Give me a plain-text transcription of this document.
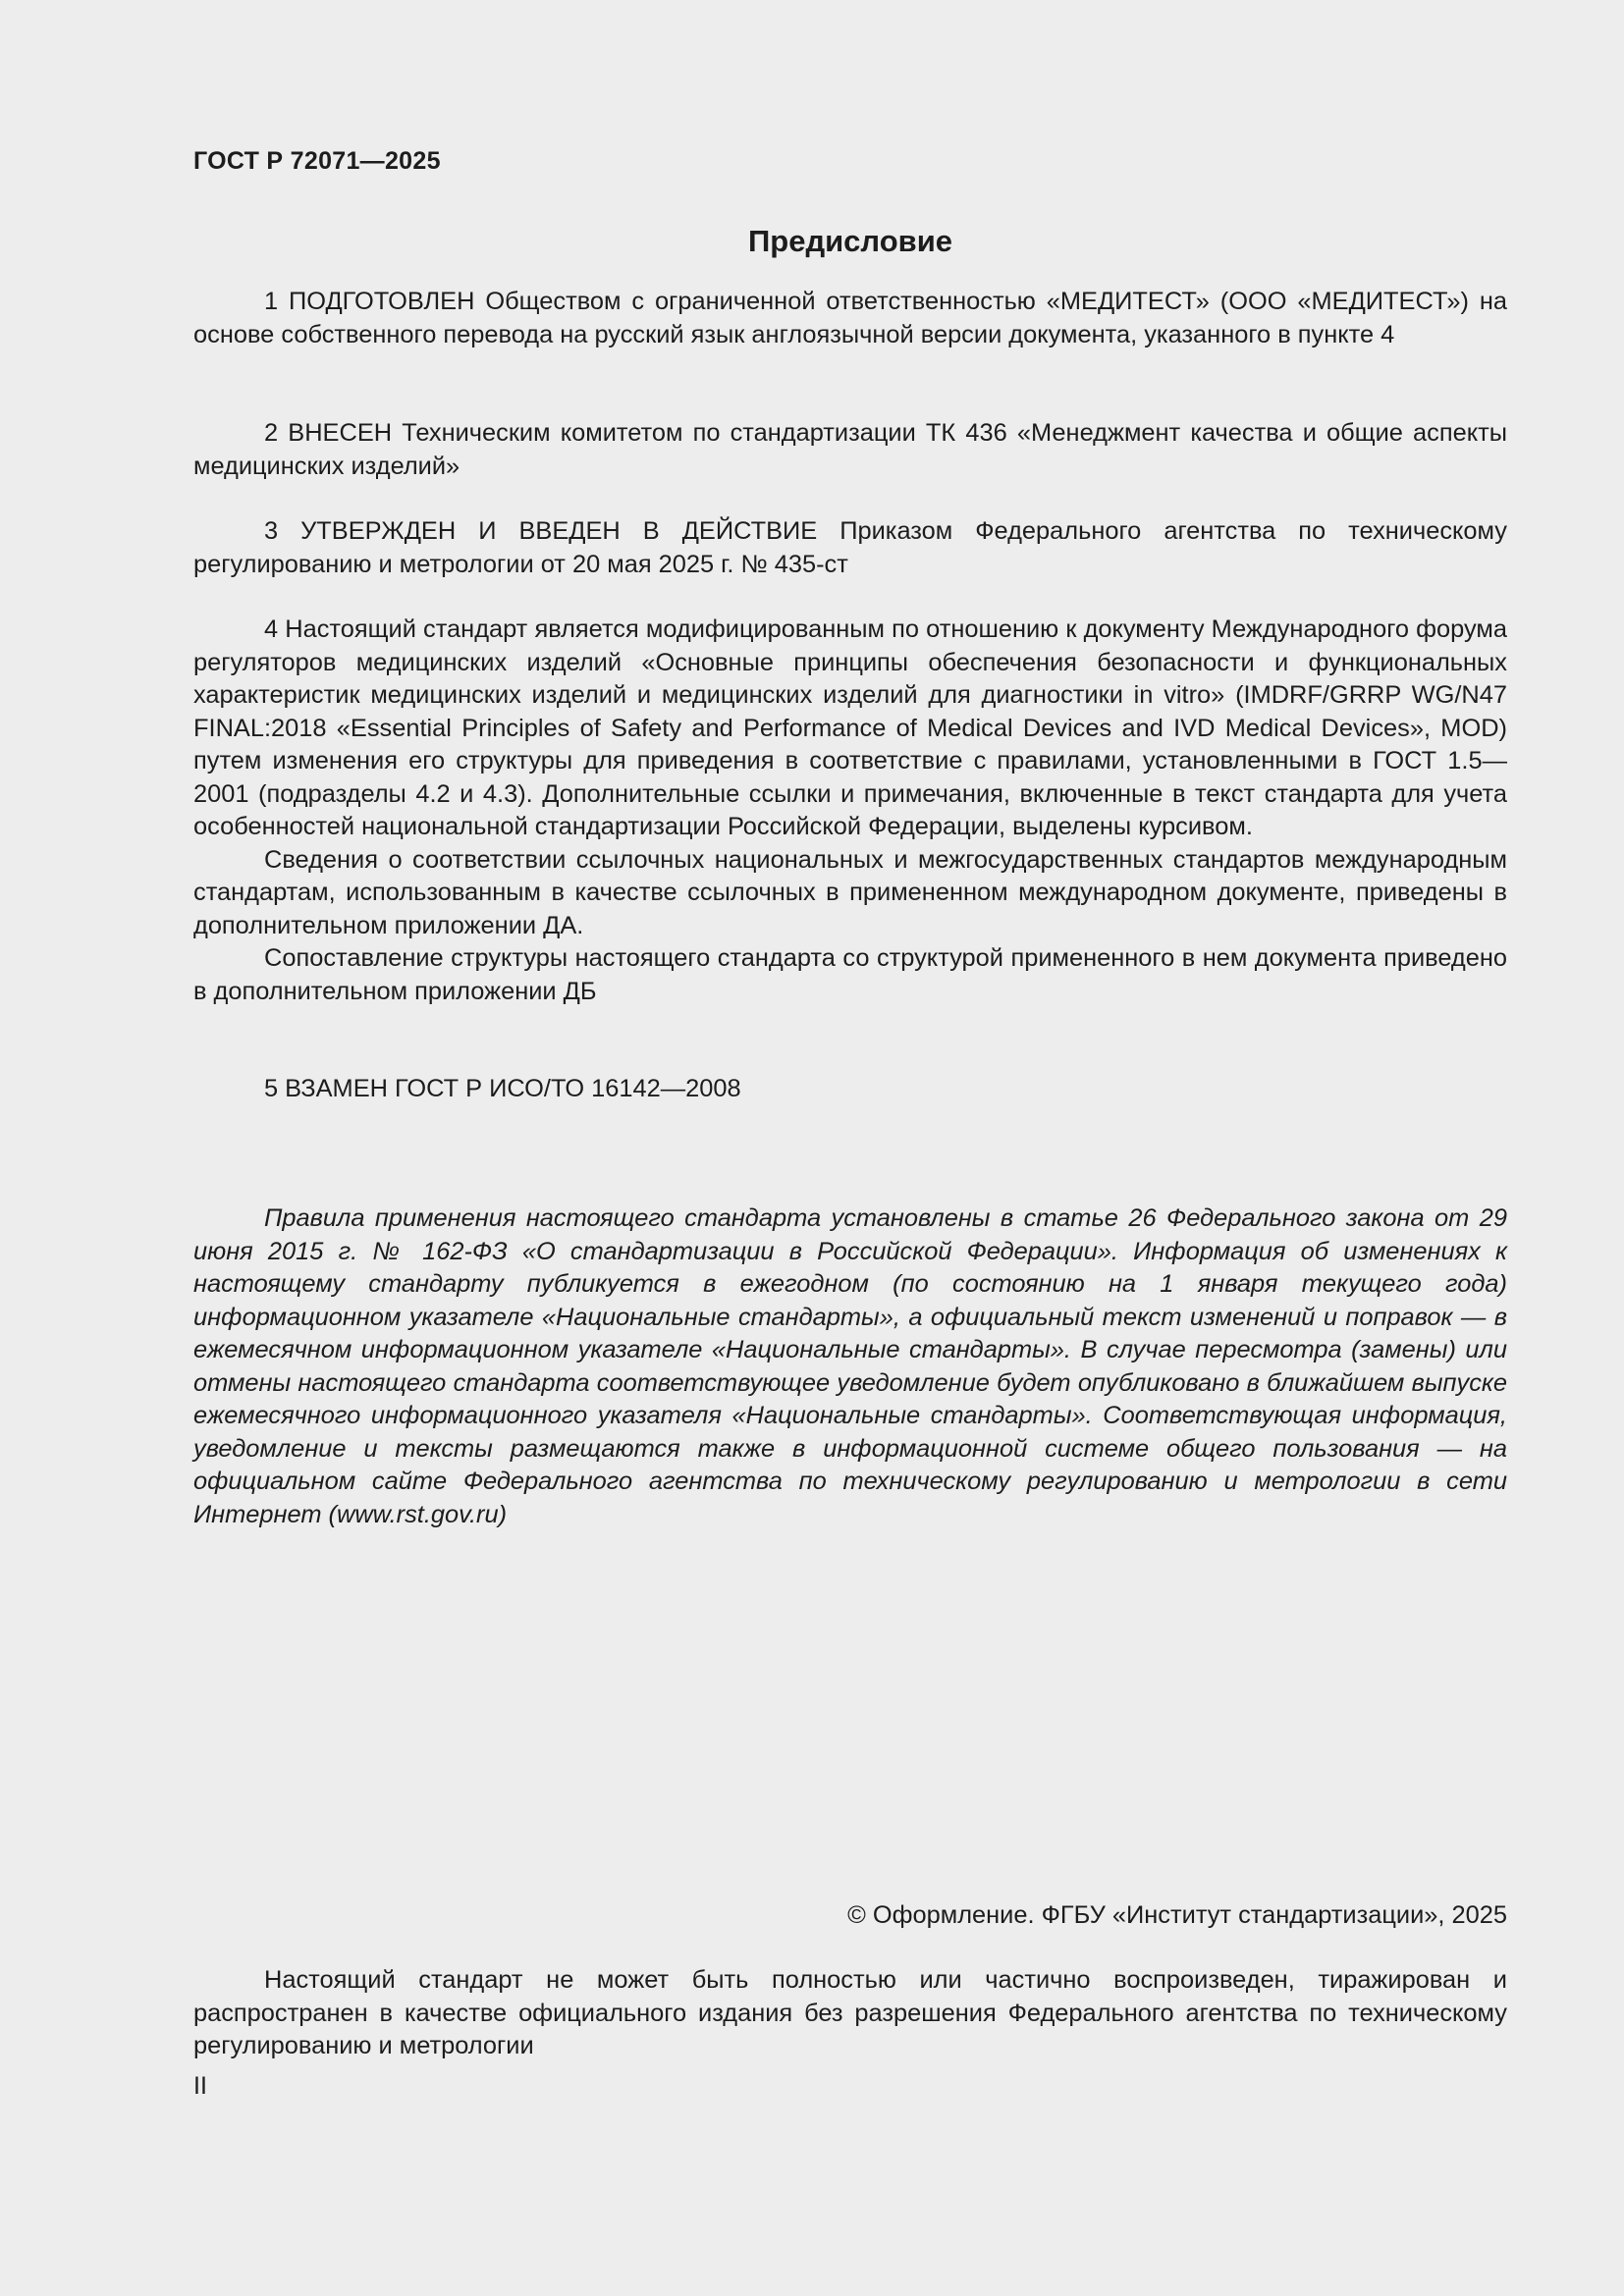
ГОСТ Р 72071—2025
Предисловие

1 ПОДГОТОВЛЕН Обществом с ограниченной ответственностью «МЕДИТЕСТ» (ООО «МЕДИТЕСТ») на основе собственного перевода на русский язык англоязычной версии документа, указанного в пункте 4

2 ВНЕСЕН Техническим комитетом по стандартизации ТК 436 «Менеджмент качества и общие аспекты медицинских изделий»

3 УТВЕРЖДЕН И ВВЕДЕН В ДЕЙСТВИЕ Приказом Федерального агентства по техническому регулированию и метрологии от 20 мая 2025 г. № 435-ст

4 Настоящий стандарт является модифицированным по отношению к документу Международного форума регуляторов медицинских изделий «Основные принципы обеспечения безопасности и функциональных характеристик медицинских изделий и медицинских изделий для диагностики in vitro» (IMDRF/GRRP WG/N47 FINAL:2018 «Essential Principles of Safety and Performance of Medical Devices and IVD Medical Devices», MOD) путем изменения его структуры для приведения в соответствие с правилами, установленными в ГОСТ 1.5—2001 (подразделы 4.2 и 4.3). Дополнительные ссылки и примечания, включенные в текст стандарта для учета особенностей национальной стандартизации Российской Федерации, выделены курсивом.

Сведения о соответствии ссылочных национальных и межгосударственных стандартов международным стандартам, использованным в качестве ссылочных в примененном международном документе, приведены в дополнительном приложении ДА.

Сопоставление структуры настоящего стандарта со структурой примененного в нем документа приведено в дополнительном приложении ДБ

5 ВЗАМЕН ГОСТ Р ИСО/ТО 16142—2008

Правила применения настоящего стандарта установлены в статье 26 Федерального закона от 29 июня 2015 г. № 162-ФЗ «О стандартизации в Российской Федерации». Информация об изменениях к настоящему стандарту публикуется в ежегодном (по состоянию на 1 января текущего года) информационном указателе «Национальные стандарты», а официальный текст изменений и поправок — в ежемесячном информационном указателе «Национальные стандарты». В случае пересмотра (замены) или отмены настоящего стандарта соответствующее уведомление будет опубликовано в ближайшем выпуске ежемесячного информационного указателя «Национальные стандарты». Соответствующая информация, уведомление и тексты размещаются также в информационной системе общего пользования — на официальном сайте Федерального агентства по техническому регулированию и метрологии в сети Интернет (www.rst.gov.ru)

© Оформление. ФГБУ «Институт стандартизации», 2025

Настоящий стандарт не может быть полностью или частично воспроизведен, тиражирован и распространен в качестве официального издания без разрешения Федерального агентства по техническому регулированию и метрологии

II
